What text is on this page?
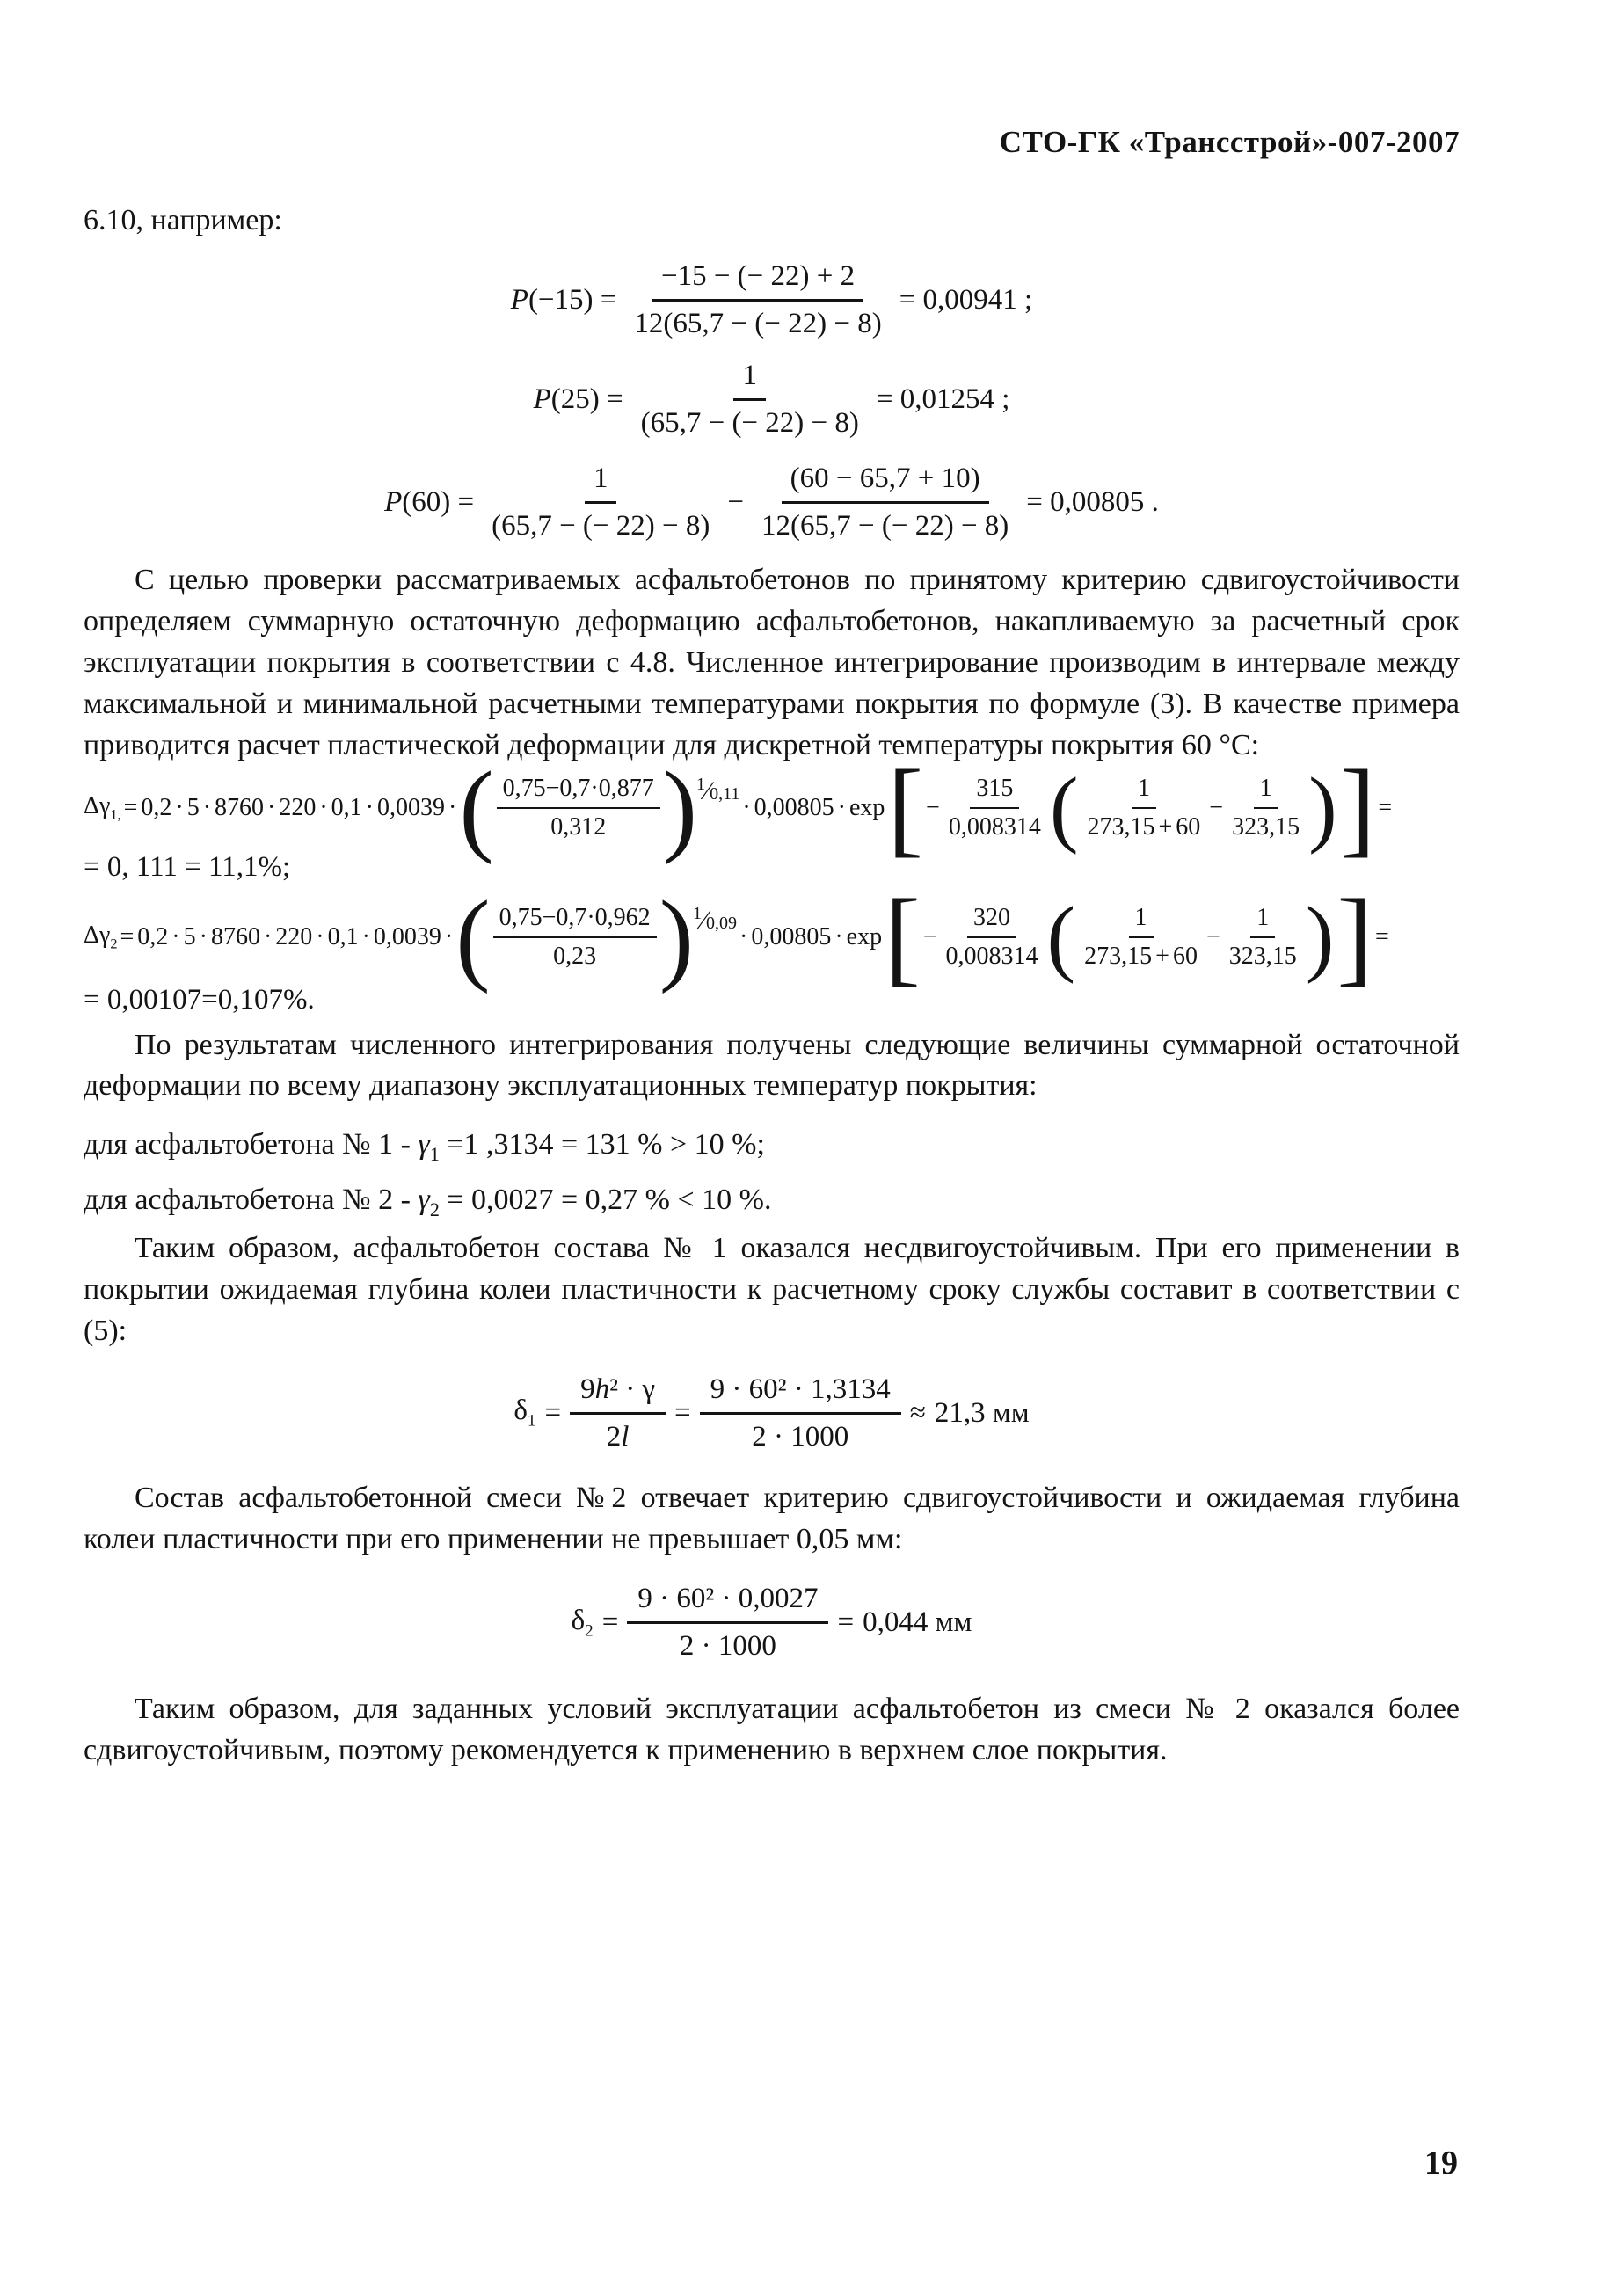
СТО-ГК «Трансстрой»-007-2007
6.10, например:
$P(-15) = \frac{-15 - (- 22) + 2}{12(65,7 - (- 22) - 8)} = 0,00941$ ;
$P(25) = \frac{1}{(65,7 - (- 22) - 8)} = 0,01254$ ;
$P(60) = \frac{1}{(65,7 - (- 22) - 8)} - \frac{(60 - 65,7 + 10)}{12(65,7 - (- 22) - 8)} = 0,00805$ .

С целью проверки рассматриваемых асфальтобетонов по принятому критерию сдвигоустойчивости определяем суммарную остаточную деформацию асфальтобетонов, накапливаемую за расчетный срок эксплуатации покрытия в соответствии с 4.8. Численное интегрирование производим в интервале между максимальной и минимальной расчетными температурами покрытия по формуле (3). В качестве примера приводится расчет пластической деформации для дискретной температуры покрытия 60 °С:

$\Delta\gamma_{1,} = 0,2 \cdot 5 \cdot 8760 \cdot 220 \cdot 0,1 \cdot 0,0039$ · ( $\frac{0,75-0,7\cdot 0,877}{0,312}$ ) $^1$⁄0,11 · 0,00805 · exp [ − $\frac{315}{0,008314}$ ( $\frac{1}{273,15 + 60} - \frac{1}{323,15}$ ) ] =
= 0, 111 = 11,1%;
$\Delta\gamma_2 = 0,2 \cdot 5 \cdot 8760 \cdot 220 \cdot 0,1 \cdot 0,0039$ · ( $\frac{0,75-0,7\cdot 0,962}{0,23}$ ) $^1$⁄0,09 · 0,00805 · exp [ − $\frac{320}{0,008314}$ ( $\frac{1}{273,15 + 60} - \frac{1}{323,15}$ ) ] =
= 0,00107=0,107%.

По результатам численного интегрирования получены следующие величины суммарной остаточной деформации по всему диапазону эксплуатационных температур покрытия:

для асфальтобетона № $1 - \gamma_1 =1$ ,3134 = 131 % > 10 %;
для асфальтобетона № $2 - \gamma_2 = 0,0027 = 0,27$ % < 10 %.

Таким образом, асфальтобетон состава № 1 оказался несдвигоустойчивым. При его применении в покрытии ожидаемая глубина колеи пластичности к расчетному сроку службы составит в соответствии с (5):

$\delta_1 = \frac{\text{9h² · γ}}{2l} = \frac{\text{9 · 60² · 1,3134}}{2 \cdot 1000} \approx 21,3$ мм

Состав асфальтобетонной смеси №2 отвечает критерию сдвигоустойчивости и ожидаемая глубина колеи пластичности при его применении не превышает 0,05 мм:

$\delta_2 = \frac{\text{9 · 60² · 0,0027}}{2 \cdot 1000} = 0,044$ мм

Таким образом, для заданных условий эксплуатации асфальтобетон из смеси № 2 оказался более сдвигоустойчивым, поэтому рекомендуется к применению в верхнем слое покрытия.

19
